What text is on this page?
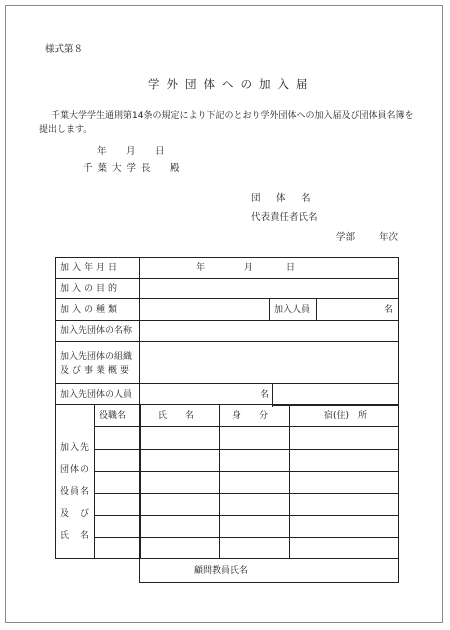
様式第８
学外団体への加入届
千葉大学学生通則第14条の規定により下記のとおり学外団体への加入届及び団体員名簿を
提出します。
年　月　日
千葉大学長　殿
団　体　名
代表責任者氏名
学部	年次
加入年月日	年	月	日
加入の目的
加入の種類	加入人員	名
加入先団体の名称
加入先団体の組織
及び事業概要
加入先団体の人員	名
役職名	氏　　名	身　　分	宿(住)　所
加入先
団体の
役員名
及　び
氏　名
顧問教員氏名
